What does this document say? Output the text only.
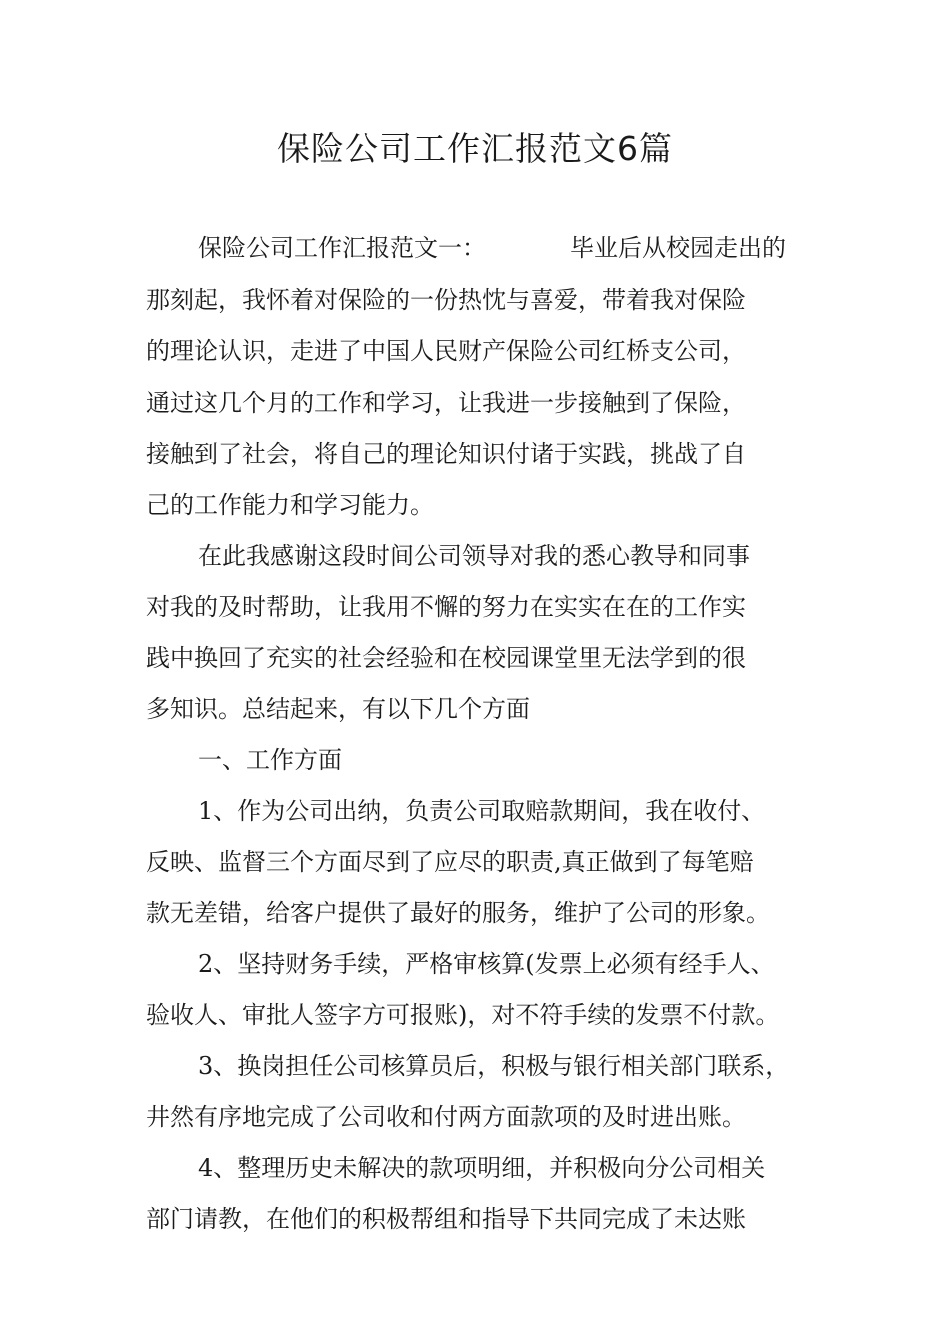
保险公司工作汇报范文6篇
保险公司工作汇报范文一：	毕业后从校园走出的
那刻起，我怀着对保险的一份热忱与喜爱，带着我对保险
的理论认识，走进了中国人民财产保险公司红桥支公司，
通过这几个月的工作和学习，让我进一步接触到了保险，
接触到了社会，将自己的理论知识付诸于实践，挑战了自
己的工作能力和学习能力。
在此我感谢这段时间公司领导对我的悉心教导和同事
对我的及时帮助，让我用不懈的努力在实实在在的工作实
践中换回了充实的社会经验和在校园课堂里无法学到的很
多知识。总结起来，有以下几个方面
一、工作方面
1、作为公司出纳，负责公司取赔款期间，我在收付、
反映、监督三个方面尽到了应尽的职责,真正做到了每笔赔
款无差错，给客户提供了最好的服务，维护了公司的形象。
2、坚持财务手续，严格审核算(发票上必须有经手人、
验收人、审批人签字方可报账)，对不符手续的发票不付款。
3、换岗担任公司核算员后，积极与银行相关部门联系，
井然有序地完成了公司收和付两方面款项的及时进出账。
4、整理历史未解决的款项明细，并积极向分公司相关
部门请教，在他们的积极帮组和指导下共同完成了未达账
